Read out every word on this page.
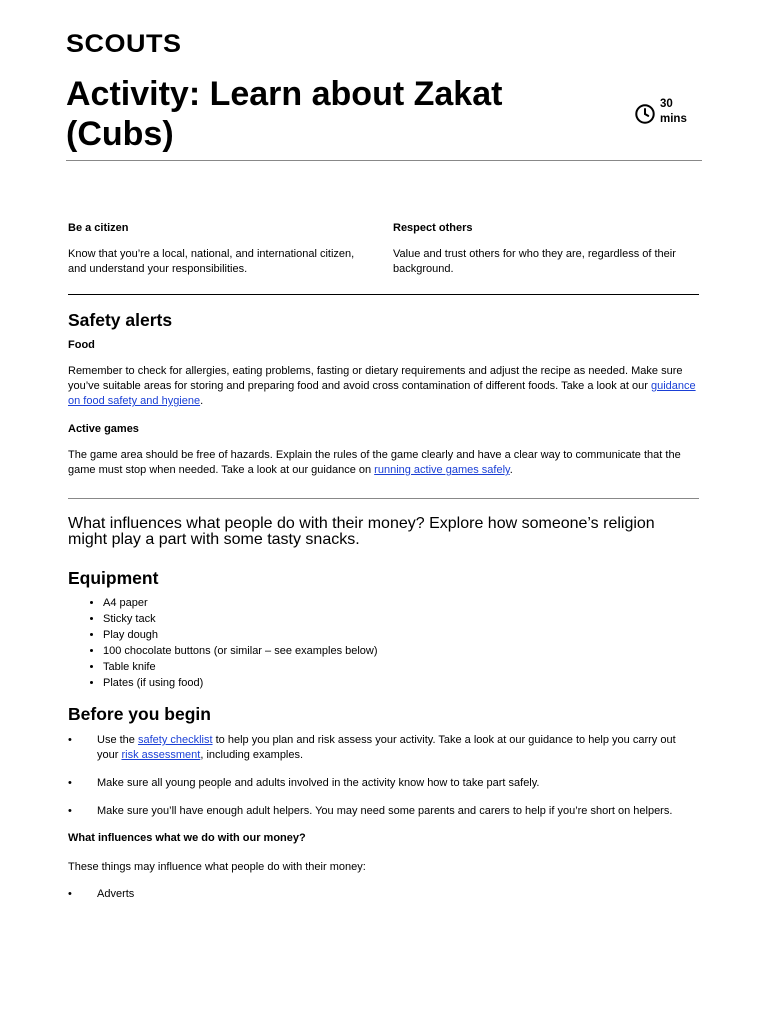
SCOUTS
Activity: Learn about Zakat (Cubs)
30
mins
Be a citizen

Know that you’re a local, national, and international citizen, and understand your responsibilities.

Respect others

Value and trust others for who they are, regardless of their background.

Safety alerts
Food

Remember to check for allergies, eating problems, fasting or dietary requirements and adjust the recipe as needed. Make sure you’ve suitable areas for storing and preparing food and avoid cross contamination of different foods. Take a look at our guidance on food safety and hygiene.

Active games

The game area should be free of hazards. Explain the rules of the game clearly and have a clear way to communicate that the game must stop when needed. Take a look at our guidance on running active games safely.

What influences what people do with their money? Explore how someone’s religion might play a part with some tasty snacks.

Equipment
• A4 paper
• Sticky tack
• Play dough
• 100 chocolate buttons (or similar – see examples below)
• Table knife
• Plates (if using food)
Before you begin
• Use the safety checklist to help you plan and risk assess your activity. Take a look at our guidance to help you carry out your risk assessment, including examples.
• Make sure all young people and adults involved in the activity know how to take part safely.
• Make sure you’ll have enough adult helpers. You may need some parents and carers to help if you’re short on helpers.
What influences what we do with our money?

These things may influence what people do with their money:

• Adverts
